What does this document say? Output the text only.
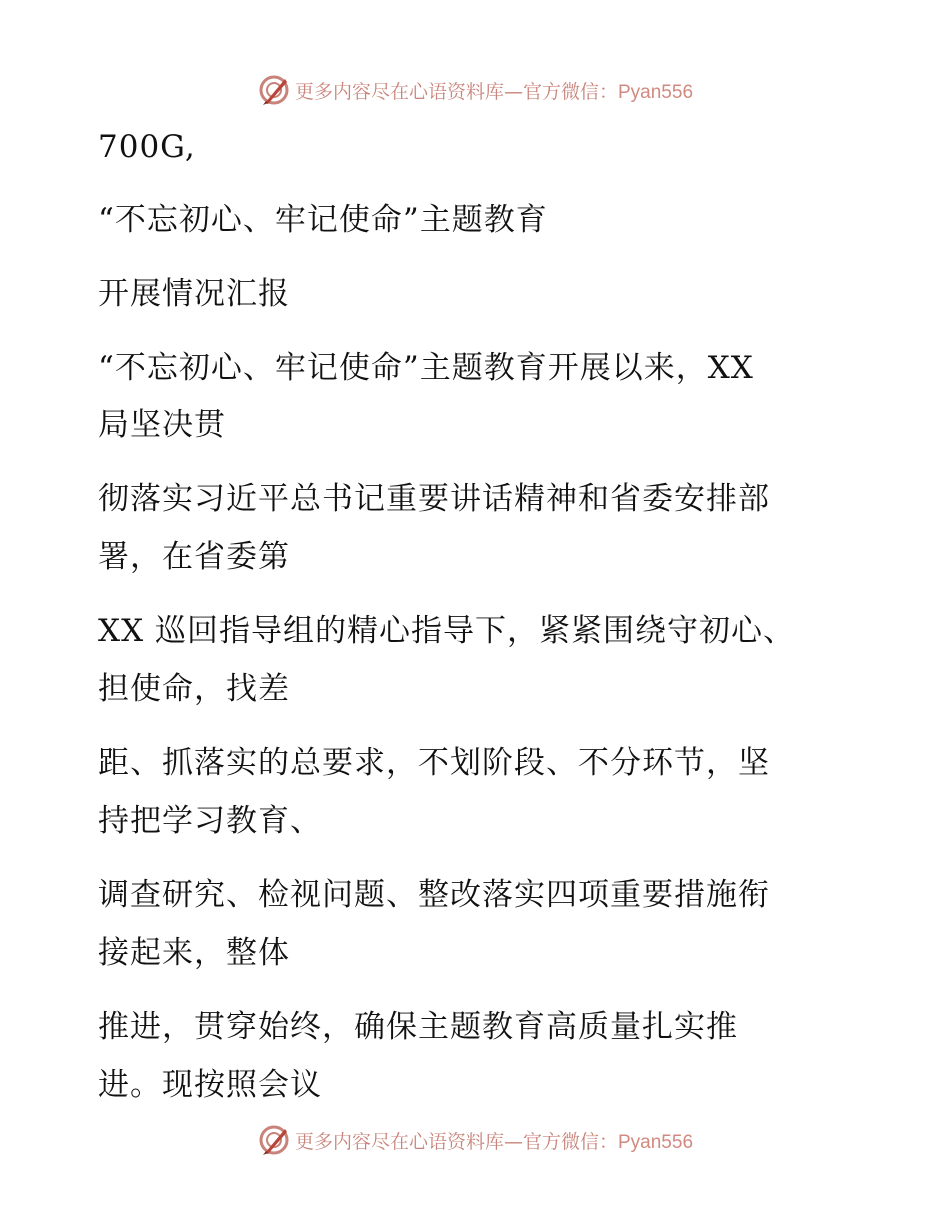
更多内容尽在心语资料库—官方微信：Pyan556
700G,
“不忘初心、牢记使命”主题教育
开展情况汇报
“不忘初心、牢记使命”主题教育开展以来，XX
局坚决贯
彻落实习近平总书记重要讲话精神和省委安排部
署，在省委第
XX 巡回指导组的精心指导下，紧紧围绕守初心、
担使命，找差
距、抓落实的总要求，不划阶段、不分环节，坚
持把学习教育、
调查研究、检视问题、整改落实四项重要措施衔
接起来，整体
推进，贯穿始终，确保主题教育高质量扎实推
进。现按照会议
更多内容尽在心语资料库—官方微信：Pyan556
